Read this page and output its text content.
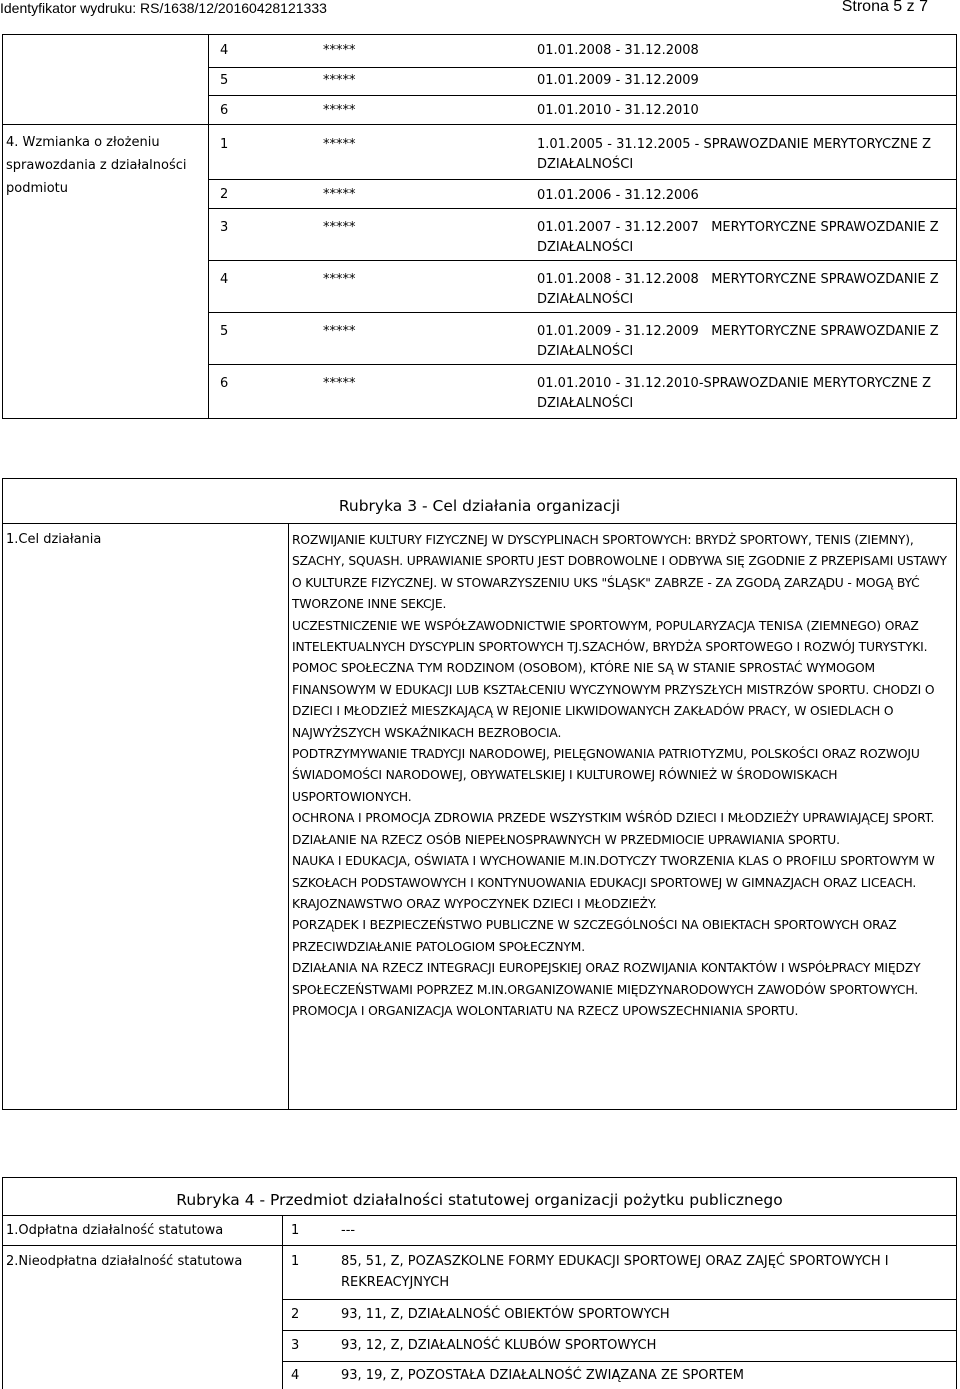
Identyfikator wydruku: RS/1638/12/20160428121333	Strona 5 z 7
4	*****	01.01.2008 - 31.12.2008
5	*****	01.01.2009 - 31.12.2009
6	*****	01.01.2010 - 31.12.2010
4. Wzmianka o złożeniu
sprawozdania z działalności
podmiotu
1	*****	1.01.2005 - 31.12.2005 - SPRAWOZDANIE MERYTORYCZNE Z
DZIAŁALNOŚCI
2	*****	01.01.2006 - 31.12.2006
3	*****	01.01.2007 - 31.12.2007   MERYTORYCZNE SPRAWOZDANIE Z
DZIAŁALNOŚCI
4	*****	01.01.2008 - 31.12.2008   MERYTORYCZNE SPRAWOZDANIE Z
DZIAŁALNOŚCI
5	*****	01.01.2009 - 31.12.2009   MERYTORYCZNE SPRAWOZDANIE Z
DZIAŁALNOŚCI
6	*****	01.01.2010 - 31.12.2010-SPRAWOZDANIE MERYTORYCZNE Z
DZIAŁALNOŚCI
Rubryka 3 - Cel działania organizacji
1.Cel działania	ROZWIJANIE KULTURY FIZYCZNEJ W DYSCYPLINACH SPORTOWYCH: BRYDŻ SPORTOWY, TENIS (ZIEMNY), SZACHY, SQUASH. UPRAWIANIE SPORTU JEST DOBROWOLNE I ODBYWA SIĘ ZGODNIE Z PRZEPISAMI USTAWY O KULTURZE FIZYCZNEJ. W STOWARZYSZENIU UKS "ŚLĄSK" ZABRZE - ZA ZGODĄ ZARZĄDU - MOGĄ BYĆ TWORZONE INNE SEKCJE.

UCZESTNICZENIE WE WSPÓŁZAWODNICTWIE SPORTOWYM, POPULARYZACJA TENISA (ZIEMNEGO) ORAZ INTELEKTUALNYCH DYSCYPLIN SPORTOWYCH TJ.SZACHÓW, BRYDŻA SPORTOWEGO I ROZWÓJ TURYSTYKI.

POMOC SPOŁECZNA TYM RODZINOM (OSOBOM), KTÓRE NIE SĄ W STANIE SPROSTAĆ WYMOGOM FINANSOWYM W EDUKACJI LUB KSZTAŁCENIU WYCZYNOWYM PRZYSZŁYCH MISTRZÓW SPORTU. CHODZI O DZIECI I MŁODZIEŻ MIESZKAJĄCĄ W REJONIE LIKWIDOWANYCH ZAKŁADÓW PRACY, W OSIEDLACH O NAJWYŻSZYCH WSKAŹNIKACH BEZROBOCIA.

PODTRZYMYWANIE TRADYCJI NARODOWEJ, PIELĘGNOWANIA PATRIOTYZMU, POLSKOŚCI ORAZ ROZWOJU ŚWIADOMOŚCI NARODOWEJ, OBYWATELSKIEJ I KULTUROWEJ RÓWNIEŻ W ŚRODOWISKACH USPORTOWIONYCH.

OCHRONA I PROMOCJA ZDROWIA PRZEDE WSZYSTKIM WŚRÓD DZIECI I MŁODZIEŻY UPRAWIAJĄCEJ SPORT.

DZIAŁANIE NA RZECZ OSÓB NIEPEŁNOSPRAWNYCH W PRZEDMIOCIE UPRAWIANIA SPORTU.

NAUKA I EDUKACJA, OŚWIATA I WYCHOWANIE M.IN.DOTYCZY TWORZENIA KLAS O PROFILU SPORTOWYM W SZKOŁACH PODSTAWOWYCH I KONTYNUOWANIA EDUKACJI SPORTOWEJ W GIMNAZJACH ORAZ LICEACH.

KRAJOZNAWSTWO ORAZ WYPOCZYNEK DZIECI I MŁODZIEŻY.

PORZĄDEK I BEZPIECZEŃSTWO PUBLICZNE W SZCZEGÓLNOŚCI NA OBIEKTACH SPORTOWYCH ORAZ PRZECIWDZIAŁANIE PATOLOGIOM SPOŁECZNYM.

DZIAŁANIA NA RZECZ INTEGRACJI EUROPEJSKIEJ ORAZ ROZWIJANIA KONTAKTÓW I WSPÓŁPRACY MIĘDZY SPOŁECZEŃSTWAMI POPRZEZ M.IN.ORGANIZOWANIE MIĘDZYNARODOWYCH ZAWODÓW SPORTOWYCH.

PROMOCJA I ORGANIZACJA WOLONTARIATU NA RZECZ UPOWSZECHNIANIA SPORTU.

Rubryka 4 - Przedmiot działalności statutowej organizacji pożytku publicznego
1.Odpłatna działalność statutowa	1	---
2.Nieodpłatna działalność statutowa	1	85, 51, Z, POZASZKOLNE FORMY EDUKACJI SPORTOWEJ ORAZ ZAJĘĆ SPORTOWYCH I
REKREACYJNYCH
2	93, 11, Z, DZIAŁALNOŚĆ OBIEKTÓW SPORTOWYCH
3	93, 12, Z, DZIAŁALNOŚĆ KLUBÓW SPORTOWYCH
4	93, 19, Z, POZOSTAŁA DZIAŁALNOŚĆ ZWIĄZANA ZE SPORTEM
